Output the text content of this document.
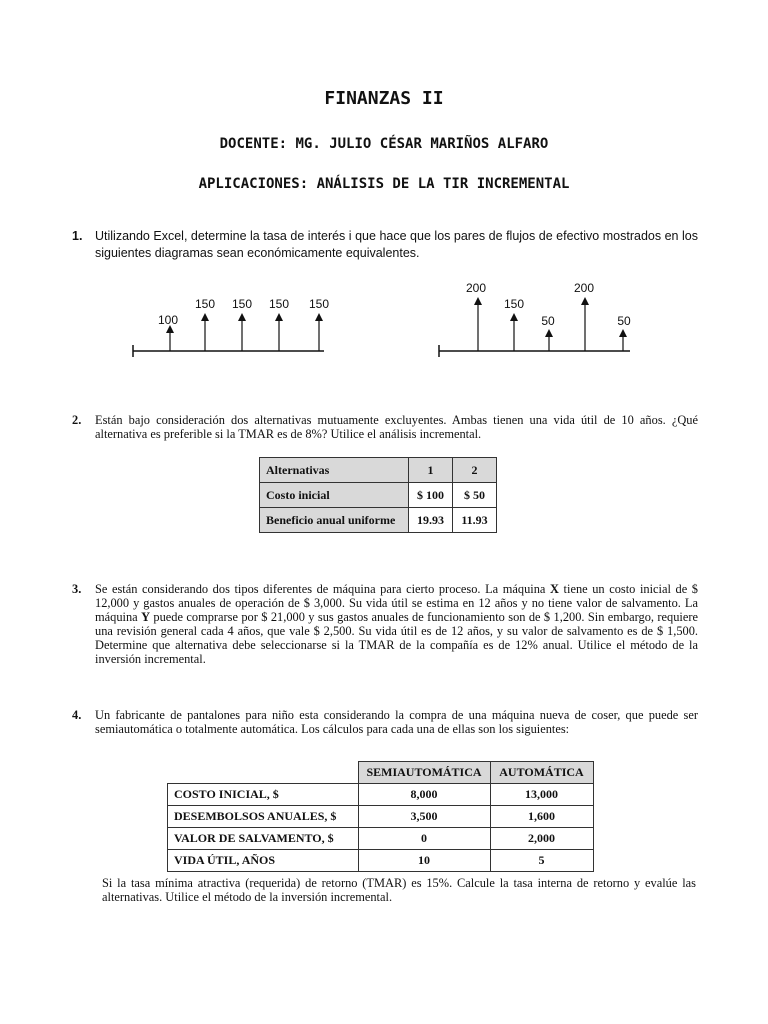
FINANZAS II
DOCENTE: MG. JULIO CÉSAR MARIÑOS ALFARO
APLICACIONES: ANÁLISIS DE LA TIR INCREMENTAL
1. Utilizando Excel, determine la tasa de interés i que hace que los pares de flujos de efectivo mostrados en los siguientes diagramas sean económicamente equivalentes.
100
150 150 150 150
200
150
50
200
50
2. Están bajo consideración dos alternativas mutuamente excluyentes. Ambas tienen una vida útil de 10 años. ¿Qué alternativa es preferible si la TMAR es de 8%? Utilice el análisis incremental.
Alternativas	1	2
Costo inicial	$ 100	$ 50
Beneficio anual uniforme	19.93	11.93
3. Se están considerando dos tipos diferentes de máquina para cierto proceso. La máquina X tiene un costo inicial de $ 12,000 y gastos anuales de operación de $ 3,000. Su vida útil se estima en 12 años y no tiene valor de salvamento. La máquina Y puede comprarse por $ 21,000 y sus gastos anuales de funcionamiento son de $ 1,200. Sin embargo, requiere una revisión general cada 4 años, que vale $ 2,500. Su vida útil es de 12 años, y su valor de salvamento es de $ 1,500. Determine que alternativa debe seleccionarse si la TMAR de la compañía es de 12% anual. Utilice el método de la inversión incremental.
4. Un fabricante de pantalones para niño esta considerando la compra de una máquina nueva de coser, que puede ser semiautomática o totalmente automática. Los cálculos para cada una de ellas son los siguientes:
	SEMIAUTOMÁTICA	AUTOMÁTICA
COSTO INICIAL, $	8,000	13,000
DESEMBOLSOS ANUALES, $	3,500	1,600
VALOR DE SALVAMENTO, $	0	2,000
VIDA ÚTIL, AÑOS	10	5
Si la tasa mínima atractiva (requerida) de retorno (TMAR) es 15%. Calcule la tasa interna de retorno y evalúe las alternativas. Utilice el método de la inversión incremental.
